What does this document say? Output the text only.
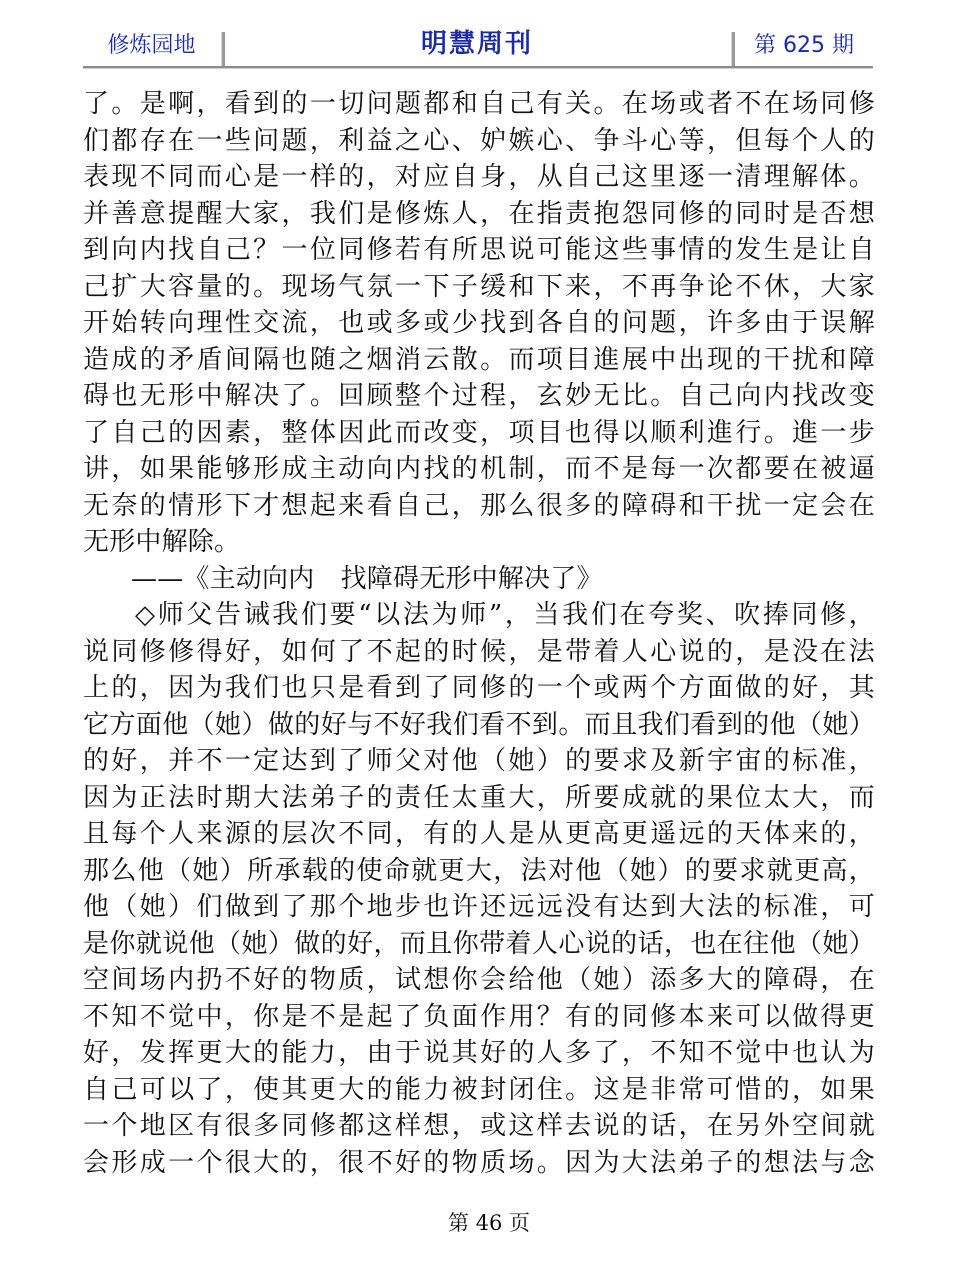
修炼园地	明慧周刊	第 625 期
了。是啊，看到的一切问题都和自己有关。在场或者不在场同修
们都存在一些问题，利益之心、妒嫉心、争斗心等，但每个人的
表现不同而心是一样的，对应自身，从自己这里逐一清理解体。
并善意提醒大家，我们是修炼人，在指责抱怨同修的同时是否想
到向内找自己？一位同修若有所思说可能这些事情的发生是让自
己扩大容量的。现场气氛一下子缓和下来，不再争论不休，大家
开始转向理性交流，也或多或少找到各自的问题，许多由于误解
造成的矛盾间隔也随之烟消云散。而项目進展中出现的干扰和障
碍也无形中解决了。回顾整个过程，玄妙无比。自己向内找改变
了自己的因素，整体因此而改变，项目也得以顺利進行。進一步
讲，如果能够形成主动向内找的机制，而不是每一次都要在被逼
无奈的情形下才想起来看自己，那么很多的障碍和干扰一定会在
无形中解除。
——《主动向内　找障碍无形中解决了》
◇师父告诫我们要“以法为师”，当我们在夸奖、吹捧同修，
说同修修得好，如何了不起的时候，是带着人心说的，是没在法
上的，因为我们也只是看到了同修的一个或两个方面做的好，其
它方面他（她）做的好与不好我们看不到。而且我们看到的他（她）
的好，并不一定达到了师父对他（她）的要求及新宇宙的标准，
因为正法时期大法弟子的责任太重大，所要成就的果位太大，而
且每个人来源的层次不同，有的人是从更高更遥远的天体来的，
那么他（她）所承载的使命就更大，法对他（她）的要求就更高，
他（她）们做到了那个地步也许还远远没有达到大法的标准，可
是你就说他（她）做的好，而且你带着人心说的话，也在往他（她）
空间场内扔不好的物质，试想你会给他（她）添多大的障碍，在
不知不觉中，你是不是起了负面作用？有的同修本来可以做得更
好，发挥更大的能力，由于说其好的人多了，不知不觉中也认为
自己可以了，使其更大的能力被封闭住。这是非常可惜的，如果
一个地区有很多同修都这样想，或这样去说的话，在另外空间就
会形成一个很大的，很不好的物质场。因为大法弟子的想法与念
第 46 页
